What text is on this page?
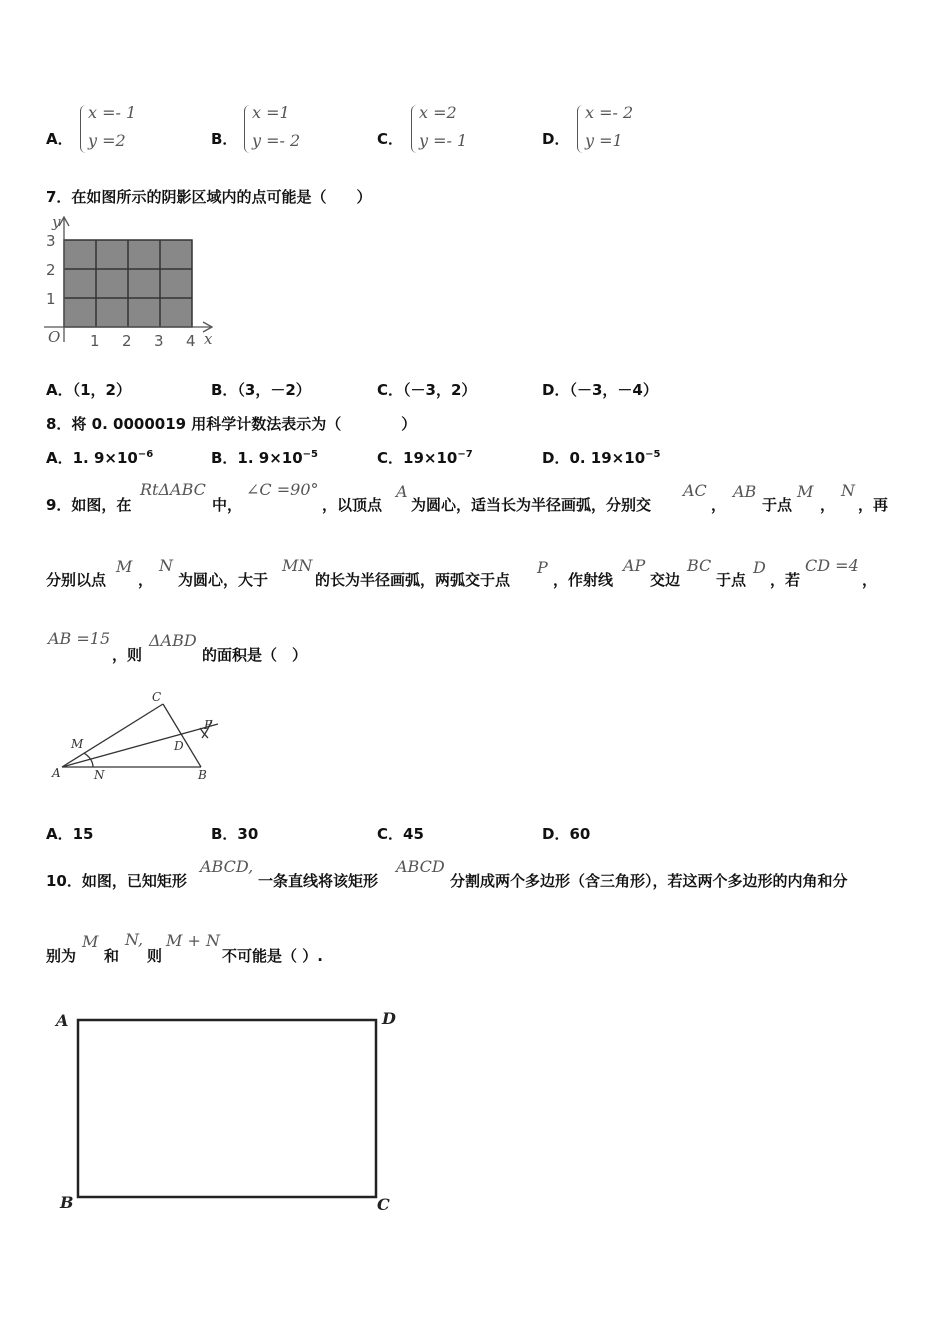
A．
x =- 1
y =2	B．
x =1
y =- 2	C．
x =2
y =- 1	D．
x =- 2
y =1
7．在如图所示的阴影区域内的点可能是（　　）
y
x
O 1 2 3 4
1
2
3
A．（1，2）	B．（3，－2）	C．（－3，2）	D．（－3，－4）
8．将 0. 0000019 用科学计数法表示为（　　　　）
A．1. $9\times 10^{-6}$	B．1. $9\times 10^{-5}$	C．$19\times 10^{-7}$	D．0. $19\times 10^{-5}$
9．如图，在
RtΔABC
中，
∠C =90°
，以顶点
A
为圆心，适当长为半径画弧，分别交
AC
，
AB
于点
M
，
N
，再
分别以点
M
，
N
为圆心，大于
MN
的长为半径画弧，两弧交于点
P
，作射线
AP
交边
BC
于点
D
，若
CD =4
，
AB =15
，则
ΔABD
的面积是（　）
C
A	B
D
M
N
P
A．15	B．30	C．45	D．60
10．如图，已知矩形
ABCD,
一条直线将该矩形
ABCD
分割成两个多边形（含三角形），若这两个多边形的内角和分
别为
M
和
N,
则
M + N
不可能是（ ）.
A	D
B	C
